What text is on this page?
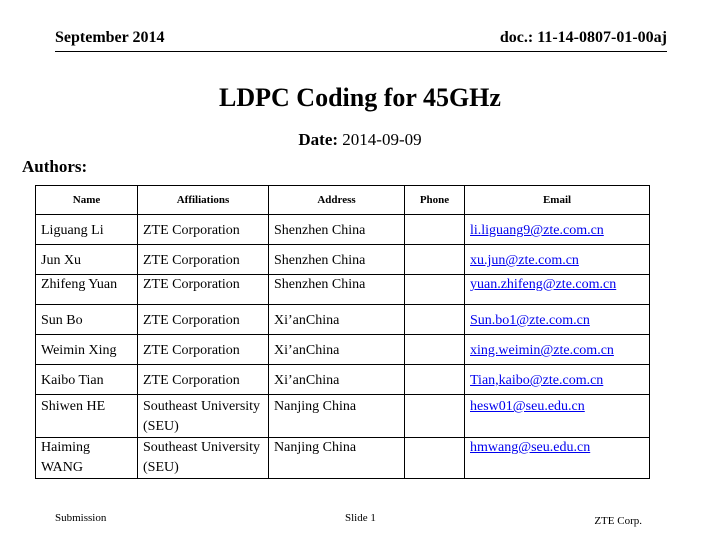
September 2014	doc.: 11-14-0807-01-00aj
LDPC Coding for 45GHz
Date: 2014-09-09
Authors:
Name	Affiliations	Address	Phone	Email
Liguang Li	ZTE Corporation	Shenzhen China		li.liguang9@zte.com.cn
Jun Xu	ZTE Corporation	Shenzhen China		xu.jun@zte.com.cn
Zhifeng Yuan	ZTE Corporation	Shenzhen China		yuan.zhifeng@zte.com.cn
Sun Bo	ZTE Corporation	Xi’anChina		Sun.bo1@zte.com.cn
Weimin Xing	ZTE Corporation	Xi’anChina		xing.weimin@zte.com.cn
Kaibo Tian	ZTE Corporation	Xi’anChina		Tian,kaibo@zte.com.cn
Shiwen HE	Southeast University (SEU)	Nanjing China		hesw01@seu.edu.cn
Haiming WANG	Southeast University (SEU)	Nanjing China		hmwang@seu.edu.cn
Submission	Slide 1	ZTE Corp.
